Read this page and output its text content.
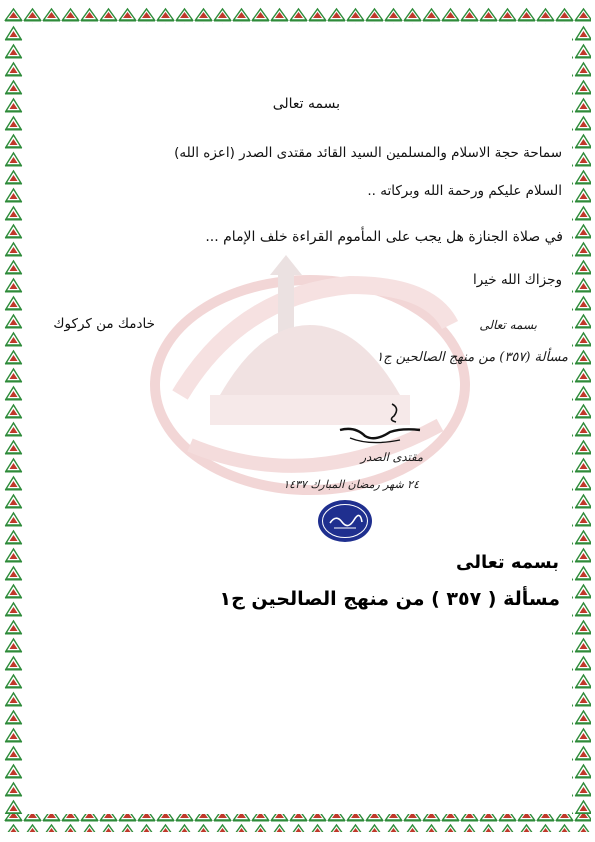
بسمه تعالى
سماحة حجة الاسلام والمسلمين السيد القائد مقتدى الصدر (اعزه الله)
السلام عليكم ورحمة الله وبركاته ..
في صلاة الجنازة هل يجب على المأموم القراءة خلف الإمام ...
وجزاك الله خيرا
خادمك من كركوك	بسمه تعالى
مسألة (٣٥٧) من منهج الصالحين ج١
مقتدى الصدر
٢٤ شهر رمضان المبارك ١٤٣٧
بسمه تعالى
مسألة ( ٣٥٧ ) من منهج الصالحين ج١
